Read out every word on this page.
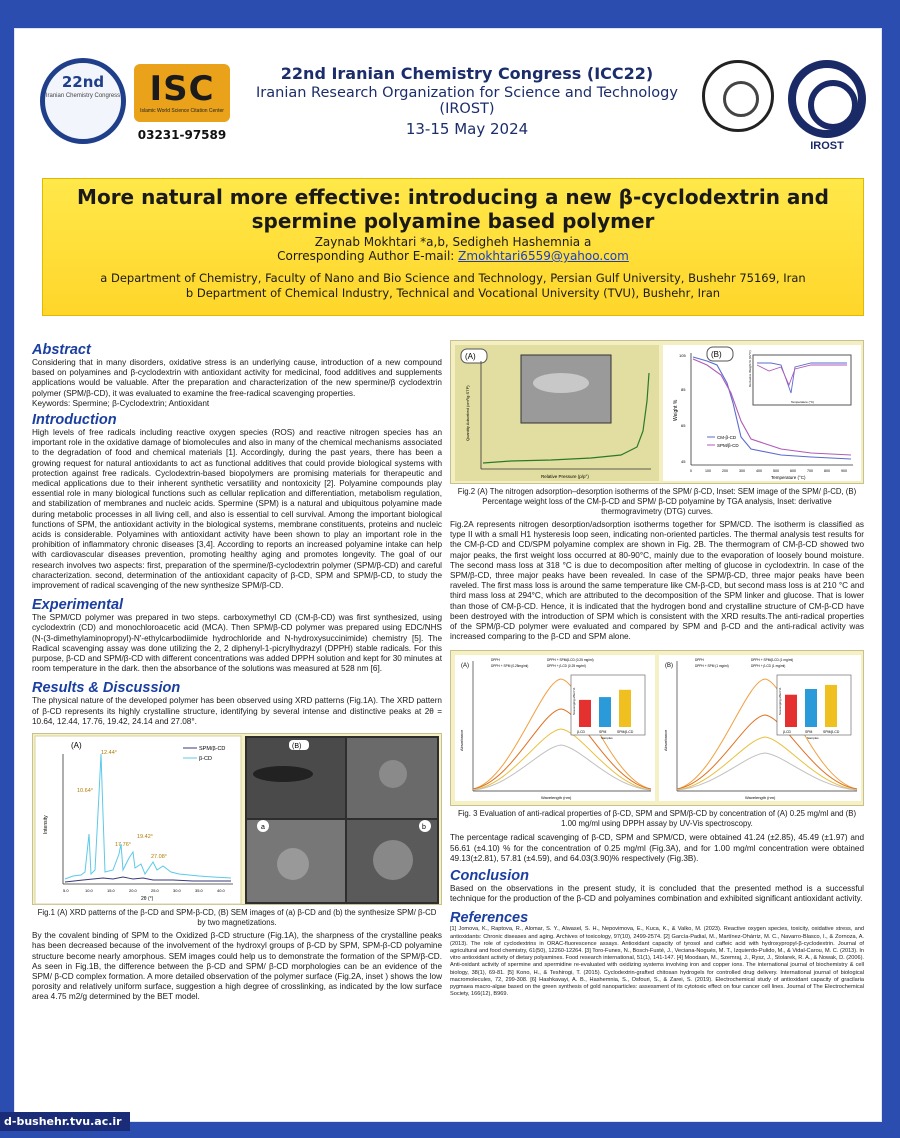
22nd
Iranian Chemistry Congress ISC
Islamic World Science Citation Center
03231-97589
22nd Iranian Chemistry Congress (ICC22)
Iranian Research Organization for Science and Technology (IROST)
13-15 May 2024
IROST
More natural more effective: introducing a new β-cyclodextrin and spermine polyamine based polymer
Zaynab Mokhtari *a,b, Sedigheh Hashemnia a
Corresponding Author E-mail: Zmokhtari6559@yahoo.com
a Department of Chemistry, Faculty of Nano and Bio Science and Technology, Persian Gulf University, Bushehr 75169, Iran
b Department of Chemical Industry, Technical and Vocational University (TVU), Bushehr, Iran
Abstract
Considering that in many disorders, oxidative stress is an underlying cause, introduction of a new compound based on polyamines and β-cyclodextrin with antioxidant activity for medicinal, food additives and supplements applications would be valuable. After the preparation and characterization of the new spermine/β cyclodextrin polymer (SPM/β-CD), it was evaluated to examine the free-radical scavenging properties.
Keywords: Spermine; β-Cyclodextrin; Antioxidant
Introduction
High levels of free radicals including reactive oxygen species (ROS) and reactive nitrogen species has an important role in the oxidative damage of biomolecules and also in many of the chemical mechanisms associated to the degradation of food and chemical materials [1]. Accordingly, during the past years, there has been a growing request for natural antioxidants to act as functional additives that could provide biological systems with protection against free radicals. Cyclodextrin-based biopolymers are promising materials for therapeutic and medical applications due to their inherent synthetic versatility and nontoxicity [2]. Polyamine compounds play essential role in many biological functions such as cellular replication and differentiation, metabolism regulation, and stabilization of membranes and nucleic acids. Spermine (SPM) is a natural and ubiquitous polyamine made during metabolic processes in all living cell, and also is essential to cell survival. Among the important biological functions of SPM, the antioxidant activity in the biological systems, membrane constituents, proteins and nucleic acids is considerable. Polyamines with antioxidant activity have been shown to play an important role in the prohibition of inflammatory chronic diseases [3,4]. According to reports an increased polyamine intake can help with cardiovascular diseases prevention, promoting healthy aging and promotes longevity. The goal of our research involves two aspects: first, preparation of the spermine/β-cyclodextrin polymer (SPM/β-CD) and careful characterization. second, determination of the antioxidant capacity of β-CD, SPM and SPM/β-CD, to study the improvement of radical scavenging of the new synthesize SPM/β-CD.
Experimental
The SPM/CD polymer was prepared in two steps. carboxymethyl CD (CM-β-CD) was first synthesized, using cyclodextrin (CD) and monochloroacetic acid (MCA). Then SPM/β-CD polymer was prepared using EDC/NHS (N-(3-dimethylaminopropyl)-N'-ethylcarbodiimide hydrochloride and N-hydroxysuccinimide) chemistry [5]. The Radical scavenging assay was done utilizing the 2, 2 diphenyl-1-picrylhydrazyl (DPPH) stable radicals. For this purpose, β-CD and SPM/β-CD with different concentrations was added DPPH solution and kept for 30 minutes at room temperature in the dark. then the absorbance of the solutions was measured at 528 nm [6].
Results & Discussion
The physical nature of the developed polymer has been observed using XRD patterns (Fig.1A). The XRD pattern of β-CD represents its highly crystalline structure, identifying by several intense and distinctive peaks at 2θ = 10.64, 12.44, 17.76, 19.42, 24.14 and 27.08°.
(A)
12.44°
10.64°
19.42°
17.76°
27.08°
SPM/β-CD
β-CD
Intensity
2θ (°)
5.0	10.0	15.0	20.0	25.0	30.0	35.0	40.0
(B)
a	b
Fig.1 (A) XRD patterns of the β-CD and SPM-β-CD, (B) SEM images of (a) β-CD and (b) the synthesize SPM/ β-CD by two magnetizations.
By the covalent binding of SPM to the Oxidized β-CD structure (Fig.1A), the sharpness of the crystalline peaks has been decreased because of the involvement of the hydroxyl groups of β-CD by SPM, SPM-β-CD polyamine structure become nearly amorphous. SEM images could help us to demonstrate the formation of the SPM/β-CD. As seen in Fig.1B, the difference between the β-CD and SPM/ β-CD morphologies can be an evidence of the SPM/ β-CD complex formation. A more detailed observation of the polymer surface (Fig.2A, inset ) shows the low porosity and relatively uniform surface, suggestion a high degree of crosslinking, as indicated by the low surface area 4.75 m2/g determined by the BET model.
(A)
Quantity Adsorbed (cm³/g STP)
Relative Pressure (p/p°)
(B)	Derivative Weight % (%/°C)
Temperature (°C)
CM-β-CD
SPM/β-CD
Weight %
105
85
65
45
0	100	200	300	400	500	600	700	800	900
Temperature (°C)
Fig.2 (A) The nitrogen adsorption–desorption isotherms of the SPM/ β-CD, Inset: SEM image of the SPM/ β-CD, (B) Percentage weight loss of the CM-β-CD and SPM/ β-CD polyamine by TGA analysis, Inset: derivative thermogravimetry (DTG) curves.
Fig.2A represents nitrogen desorption/adsorption isotherms together for SPM/CD. The isotherm is classified as type II with a small H1 hysteresis loop seen, indicating non-oriented particles. The thermal analysis test results for the CM-β-CD and CD/SPM polyamine complex are shown in Fig. 2B. The thermogram of CM-β-CD showed two major peaks, the first weight loss occurred at 80-90°C, mainly due to the evaporation of loosely bound moisture. The second mass loss at 318 °C is due to decomposition after melting of glucose in cyclodextrin. In case of the SPM/β-CD, three major peaks have been revealed. In case of the SPM/β-CD, three major peaks have been raveled. The first mass loss is around the same temperature like CM-β-CD, but second mass loss is at 210 °C and third mass loss at 294°C, which are attributed to the decomposition of the SPM linker and glucose. That is lower than those of CM-β-CD. Hence, it is indicated that the hydrogen bond and crystalline structure of CM-β-CD have been destroyed with the introduction of SPM which is consistent with the XRD results.The anti-radical properties of the SPM/β-CD polymer were evaluated and compared by SPM and β-CD and the anti-radical activity was increased comparing to the β-CD and SPM alone.
(A)
DPPH	DPPH + SPM/β-CD (0.25 mg/ml)
DPPH + SPM (0.25mg/ml)	DPPH + β-CD (0.25 mg/ml)
β-CD	SPM	SPM/β-CD
Scavenging effect %
Samples
Absorbance
Wavelength (nm)
(B)
DPPH	DPPH + SPM/β-CD (1 mg/ml)
DPPH + SPM (1 mg/ml)	DPPH + β-CD (1 mg/ml)
β-CD	SPM	SPM/β-CD
Scavenging effect %
Samples
Absorbance
Wavelength (nm)
Fig. 3 Evaluation of anti-radical properties of β-CD, SPM and SPM/β-CD by concentration of (A) 0.25 mg/ml and (B) 1.00 mg/ml using DPPH assay by UV-Vis spectroscopy.
The percentage radical scavenging of β-CD, SPM and SPM/CD, were obtained 41.24 (±2.85), 45.49 (±1.97) and 56.61 (±4.10) % for the concentration of 0.25 mg/ml (Fig.3A), and for 1.00 mg/ml concentration were obtained 49.13(±2.81), 57.81 (±4.59), and 64.03(3.90)% respectively (Fig.3B).
Conclusion
Based on the observations in the present study, it is concluded that the presented method is a successful technique for the production of the β-CD and polyamines combination and exhibited significant antioxidant activity.
References
[1] Jomova, K., Raptova, R., Alomar, S. Y., Alwasel, S. H., Nepovimova, E., Kuca, K., & Valko, M. (2023). Reactive oxygen species, toxicity, oxidative stress, and antioxidants: Chronic diseases and aging. Archives of toxicology, 97(10), 2499-2574. [2] García-Padial, M., Martínez-Ohárriz, M. C., Navarro-Blasco, I., & Zornoza, A. (2013). The role of cyclodextrins in ORAC-fluorescence assays. Antioxidant capacity of tyrosol and caffeic acid with hydroxypropyl-β-cyclodextrin. Journal of agricultural and food chemistry, 61(50), 12260-12264. [3] Toro-Funes, N., Bosch-Fusté, J., Veciana-Nogués, M. T., Izquierdo-Pulido, M., & Vidal-Carou, M. C. (2013). In vitro antioxidant activity of dietary polyamines. Food research international, 51(1), 141-147. [4] Moodaan, M., Szemraj, J., Rysz, J., Stolarek, R. A., & Nowak, D. (2006). Anti-oxidant activity of spermine and spermidine re-evaluated with oxidizing systems involving iron and copper ions. The international journal of biochemistry & cell biology, 38(1), 69-81. [5] Kono, H., & Teshirogi, T. (2015). Cyclodextrin-grafted chitosan hydrogels for controlled drug delivery. International journal of biological macromolecules, 72, 299-308. [6] Hashkavayi, A. B., Hashemnia, S., Osfouri, S., & Zarei, S. (2019). Electrochemical study of antioxidant capacity of gracilaria pygmaea macro-algae based on the green synthesis of gold nanoparticles: assessment of its cytotoxic effect on four cancer cell lines. Journal of The Electrochemical Society, 166(12), B969.
d-bushehr.tvu.ac.ir
